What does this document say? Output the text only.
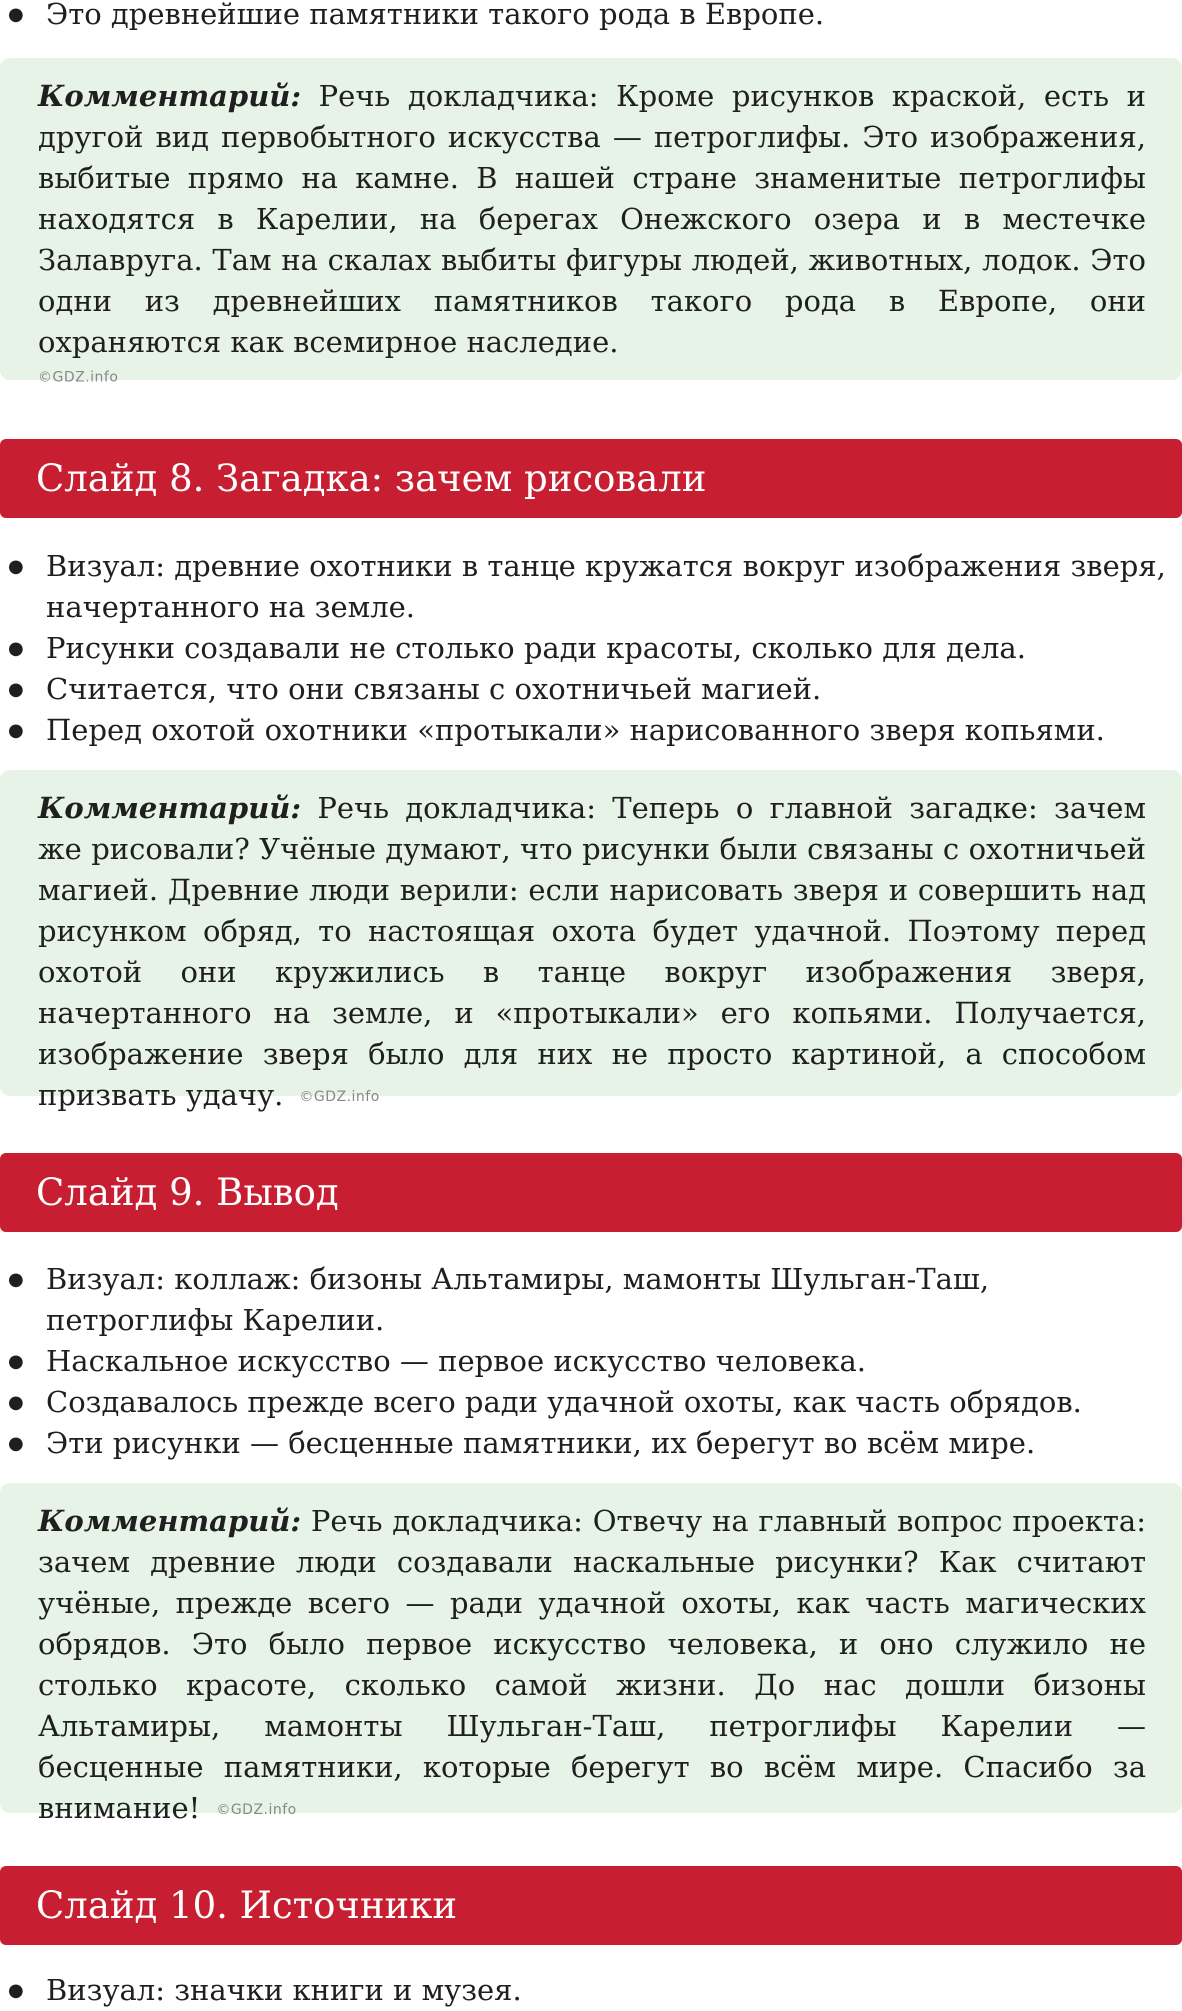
● Это древнейшие памятники такого рода в Европе.

Комментарий: Речь докладчика: Кроме рисунков краской, есть и другой вид первобытного искусства — петроглифы. Это изображения, выбитые прямо на камне. В нашей стране знаменитые петроглифы находятся в Карелии, на берегах Онежского озера и в местечке Залавруга. Там на скалах выбиты фигуры людей, животных, лодок. Это одни из древнейших памятников такого рода в Европе, они охраняются как всемирное наследие.

©GDZ.info
Слайд 8. Загадка: зачем рисовали
● Визуал: древние охотники в танце кружатся вокруг изображения зверя, начертанного на земле.
● Рисунки создавали не столько ради красоты, сколько для дела.
● Считается, что они связаны с охотничьей магией.
● Перед охотой охотники «протыкали» нарисованного зверя копьями.

Комментарий: Речь докладчика: Теперь о главной загадке: зачем же рисовали? Учёные думают, что рисунки были связаны с охотничьей магией. Древние люди верили: если нарисовать зверя и совершить над рисунком обряд, то настоящая охота будет удачной. Поэтому перед охотой они кружились в танце вокруг изображения зверя, начертанного на земле, и «протыкали» его копьями. Получается, изображение зверя было для них не просто картиной, а способом призвать удачу. ©GDZ.info

Слайд 9. Вывод
● Визуал: коллаж: бизоны Альтамиры, мамонты Шульган-Таш, петроглифы Карелии.
● Наскальное искусство — первое искусство человека.
● Создавалось прежде всего ради удачной охоты, как часть обрядов.
● Эти рисунки — бесценные памятники, их берегут во всём мире.

Комментарий: Речь докладчика: Отвечу на главный вопрос проекта: зачем древние люди создавали наскальные рисунки? Как считают учёные, прежде всего — ради удачной охоты, как часть магических обрядов. Это было первое искусство человека, и оно служило не столько красоте, сколько самой жизни. До нас дошли бизоны Альтамиры, мамонты Шульган-Таш, петроглифы Карелии — бесценные памятники, которые берегут во всём мире. Спасибо за внимание! ©GDZ.info

Слайд 10. Источники
● Визуал: значки книги и музея.
